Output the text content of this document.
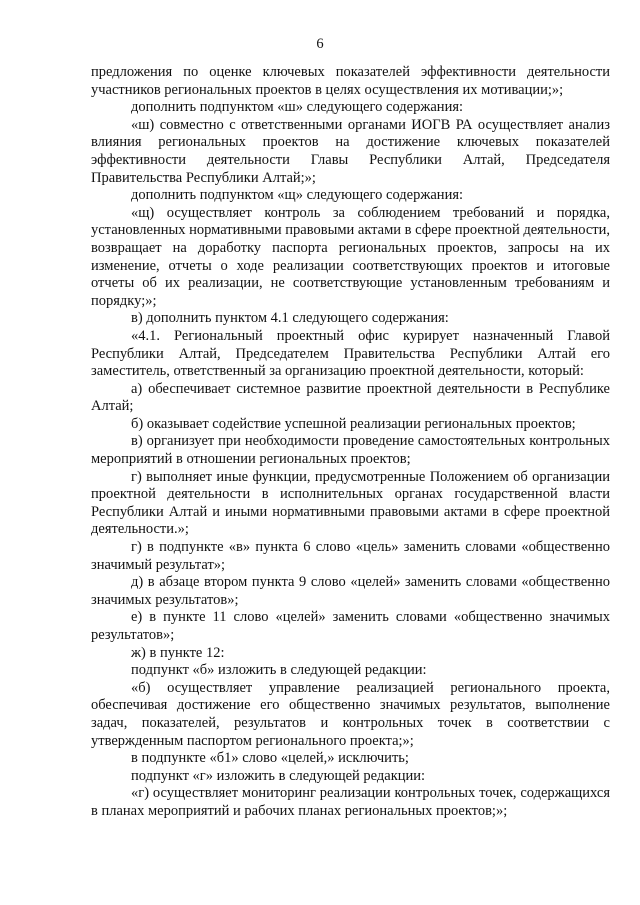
6

предложения по оценке ключевых показателей эффективности деятельности участников региональных проектов в целях осуществления их мотивации;»;

дополнить подпунктом «ш» следующего содержания:

«ш) совместно с ответственными органами ИОГВ РА осуществляет анализ влияния региональных проектов на достижение ключевых показателей эффективности деятельности Главы Республики Алтай, Председателя Правительства Республики Алтай;»;

дополнить подпунктом «щ» следующего содержания:

«щ) осуществляет контроль за соблюдением требований и порядка, установленных нормативными правовыми актами в сфере проектной деятельности, возвращает на доработку паспорта региональных проектов, запросы на их изменение, отчеты о ходе реализации соответствующих проектов и итоговые отчеты об их реализации, не соответствующие установленным требованиям и порядку;»;

в) дополнить пунктом 4.1 следующего содержания:

«4.1. Региональный проектный офис курирует назначенный Главой Республики Алтай, Председателем Правительства Республики Алтай его заместитель, ответственный за организацию проектной деятельности, который:

а) обеспечивает системное развитие проектной деятельности в Республике Алтай;

б) оказывает содействие успешной реализации региональных проектов;

в) организует при необходимости проведение самостоятельных контрольных мероприятий в отношении региональных проектов;

г) выполняет иные функции, предусмотренные Положением об организации проектной деятельности в исполнительных органах государственной власти Республики Алтай и иными нормативными правовыми актами в сфере проектной деятельности.»;

г) в подпункте «в» пункта 6 слово «цель» заменить словами «общественно значимый результат»;

д) в абзаце втором пункта 9 слово «целей» заменить словами «общественно значимых результатов»;

е) в пункте 11 слово «целей» заменить словами «общественно значимых результатов»;

ж) в пункте 12:

подпункт «б» изложить в следующей редакции:

«б) осуществляет управление реализацией регионального проекта, обеспечивая достижение его общественно значимых результатов, выполнение задач, показателей, результатов и контрольных точек в соответствии с утвержденным паспортом регионального проекта;»;

в подпункте «б1» слово «целей,» исключить;

подпункт «г» изложить в следующей редакции:

«г) осуществляет мониторинг реализации контрольных точек, содержащихся в планах мероприятий и рабочих планах региональных проектов;»;
